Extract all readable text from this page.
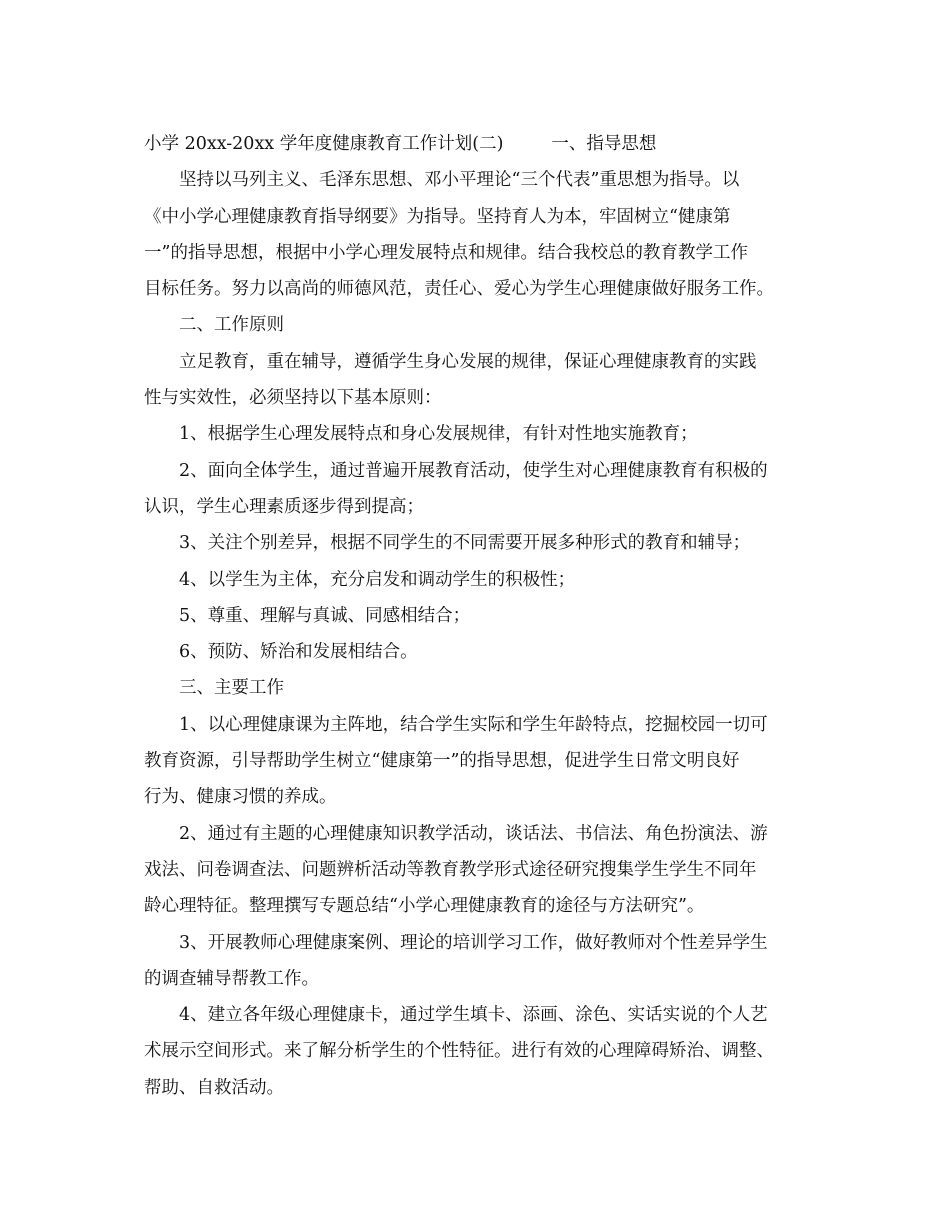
小学 20xx-20xx 学年度健康教育工作计划(二)	一、指导思想

坚持以马列主义、毛泽东思想、邓小平理论“三个代表”重思想为指导。以

《中小学心理健康教育指导纲要》为指导。坚持育人为本，牢固树立“健康第

一”的指导思想，根据中小学心理发展特点和规律。结合我校总的教育教学工作

目标任务。努力以高尚的师德风范，责任心、爱心为学生心理健康做好服务工作。

二、工作原则

立足教育，重在辅导，遵循学生身心发展的规律，保证心理健康教育的实践

性与实效性，必须坚持以下基本原则：

1、根据学生心理发展特点和身心发展规律，有针对性地实施教育；

2、面向全体学生，通过普遍开展教育活动，使学生对心理健康教育有积极的

认识，学生心理素质逐步得到提高；

3、关注个别差异，根据不同学生的不同需要开展多种形式的教育和辅导；

4、以学生为主体，充分启发和调动学生的积极性；

5、尊重、理解与真诚、同感相结合；

6、预防、矫治和发展相结合。

三、主要工作

1、以心理健康课为主阵地，结合学生实际和学生年龄特点，挖掘校园一切可

教育资源，引导帮助学生树立“健康第一”的指导思想，促进学生日常文明良好

行为、健康习惯的养成。

2、通过有主题的心理健康知识教学活动，谈话法、书信法、角色扮演法、游

戏法、问卷调查法、问题辨析活动等教育教学形式途径研究搜集学生学生不同年

龄心理特征。整理撰写专题总结“小学心理健康教育的途径与方法研究”。

3、开展教师心理健康案例、理论的培训学习工作，做好教师对个性差异学生

的调查辅导帮教工作。

4、建立各年级心理健康卡，通过学生填卡、添画、涂色、实话实说的个人艺

术展示空间形式。来了解分析学生的个性特征。进行有效的心理障碍矫治、调整、

帮助、自救活动。
